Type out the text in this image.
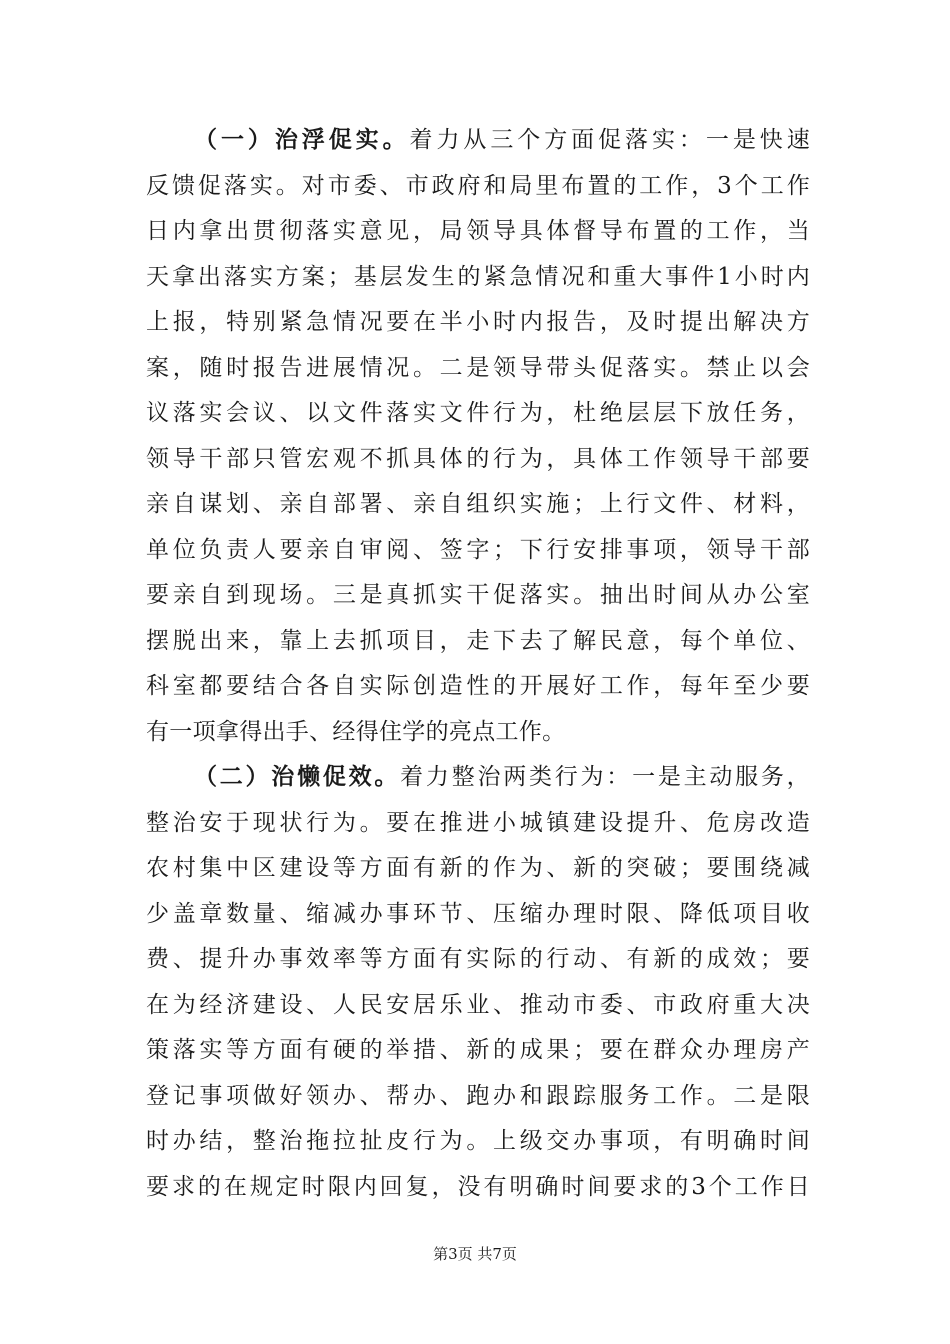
（一）治浮促实。着力从三个方面促落实：一是快速
反馈促落实。对市委、市政府和局里布置的工作，3个工作
日内拿出贯彻落实意见，局领导具体督导布置的工作，当
天拿出落实方案；基层发生的紧急情况和重大事件1小时内
上报，特别紧急情况要在半小时内报告，及时提出解决方
案，随时报告进展情况。二是领导带头促落实。禁止以会
议落实会议、以文件落实文件行为，杜绝层层下放任务，
领导干部只管宏观不抓具体的行为，具体工作领导干部要
亲自谋划、亲自部署、亲自组织实施；上行文件、材料，
单位负责人要亲自审阅、签字；下行安排事项，领导干部
要亲自到现场。三是真抓实干促落实。抽出时间从办公室
摆脱出来，靠上去抓项目，走下去了解民意，每个单位、
科室都要结合各自实际创造性的开展好工作，每年至少要
有一项拿得出手、经得住学的亮点工作。
（二）治懒促效。着力整治两类行为：一是主动服务，
整治安于现状行为。要在推进小城镇建设提升、危房改造
农村集中区建设等方面有新的作为、新的突破；要围绕减
少盖章数量、缩减办事环节、压缩办理时限、降低项目收
费、提升办事效率等方面有实际的行动、有新的成效；要
在为经济建设、人民安居乐业、推动市委、市政府重大决
策落实等方面有硬的举措、新的成果；要在群众办理房产
登记事项做好领办、帮办、跑办和跟踪服务工作。二是限
时办结，整治拖拉扯皮行为。上级交办事项，有明确时间
要求的在规定时限内回复，没有明确时间要求的3个工作日
第3页 共7页
